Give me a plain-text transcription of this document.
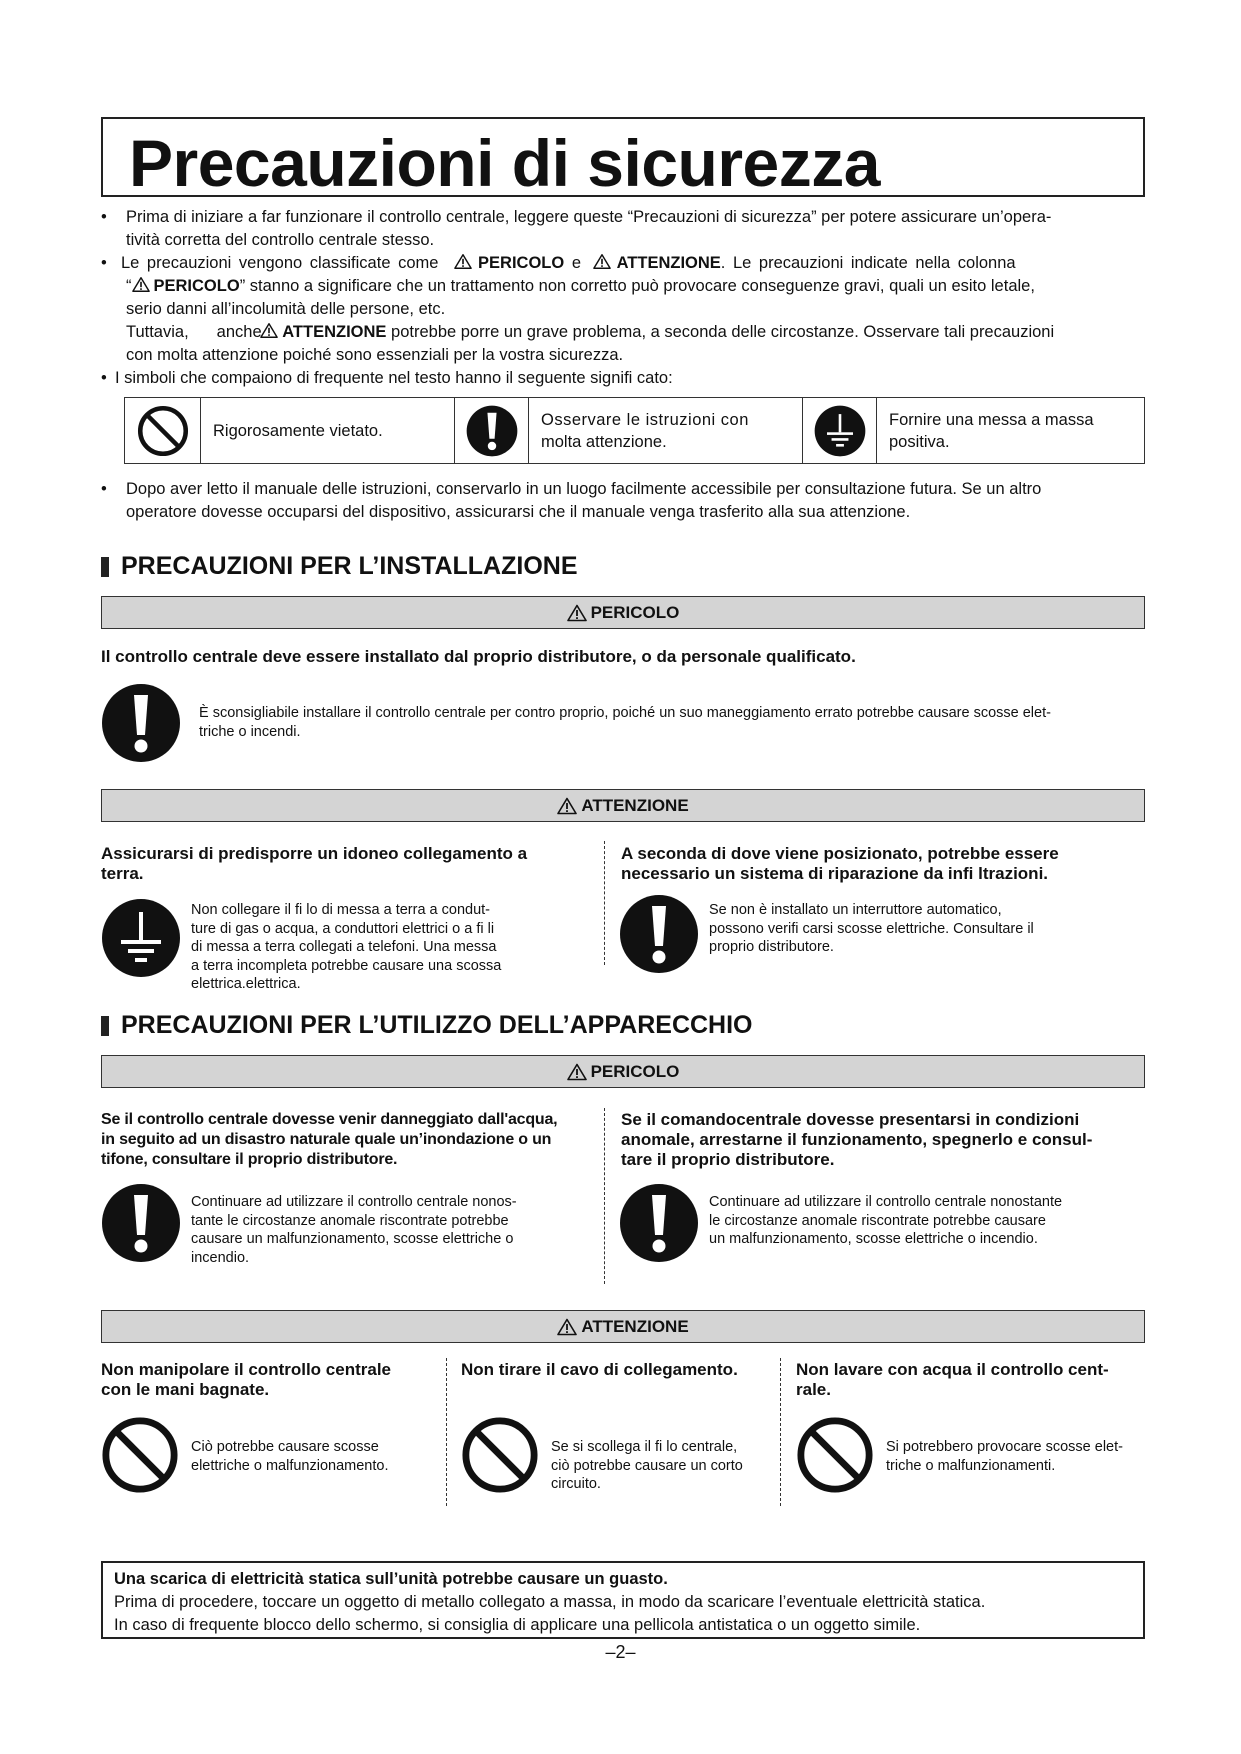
Precauzioni di sicurezza
•	Prima di iniziare a far funzionare il controllo centrale, leggere queste “Precauzioni di sicurezza” per potere assicurare un’opera-
tività corretta del controllo centrale stesso.
• Le precauzioni vengono classificate come PERICOLO e ATTENZIONE. Le precauzioni indicate nella colonna
“ PERICOLO” stanno a significare che un trattamento non corretto può provocare conseguenze gravi, quali un esito letale,
serio danni all’incolumità delle persone, etc.
Tuttavia, anche ATTENZIONE potrebbe porre un grave problema, a seconda delle circostanze. Osservare tali precauzioni
con molta attenzione poiché sono essenziali per la vostra sicurezza.
• I simboli che compaiono di frequente nel testo hanno il seguente signifi cato:
Rigorosamente vietato.
Osservare le istruzioni con
molta attenzione.
Fornire una messa a massa
positiva.
•	Dopo aver letto il manuale delle istruzioni, conservarlo in un luogo facilmente accessibile per consultazione futura. Se un altro
operatore dovesse occuparsi del dispositivo, assicurarsi che il manuale venga trasferito alla sua attenzione.
PRECAUZIONI PER L’INSTALLAZIONE
PERICOLO
Il controllo centrale deve essere installato dal proprio distributore, o da personale qualificato.
È sconsigliabile installare il controllo centrale per contro proprio, poiché un suo maneggiamento errato potrebbe causare scosse elet-
triche o incendi.
ATTENZIONE
Assicurarsi di predisporre un idoneo collegamento a
terra.
Non collegare il fi lo di messa a terra a condut-
ture di gas o acqua, a conduttori elettrici o a fi li
di messa a terra collegati a telefoni. Una messa
a terra incompleta potrebbe causare una scossa
elettrica.elettrica.
A seconda di dove viene posizionato, potrebbe essere
necessario un sistema di riparazione da infi ltrazioni.
Se non è installato un interruttore automatico,
possono verifi carsi scosse elettriche. Consultare il
proprio distributore.
PRECAUZIONI PER L’UTILIZZO DELL’APPARECCHIO
PERICOLO
Se il controllo centrale dovesse venir danneggiato dall'acqua,
in seguito ad un disastro naturale quale un’inondazione o un
tifone, consultare il proprio distributore.
Continuare ad utilizzare il controllo centrale nonos-
tante le circostanze anomale riscontrate potrebbe
causare un malfunzionamento, scosse elettriche o
incendio.
Se il comandocentrale dovesse presentarsi in condizioni
anomale, arrestarne il funzionamento, spegnerlo e consul-
tare il proprio distributore.
Continuare ad utilizzare il controllo centrale nonostante
le circostanze anomale riscontrate potrebbe causare
un malfunzionamento, scosse elettriche o incendio.
ATTENZIONE
Non manipolare il controllo centrale
con le mani bagnate.
Ciò potrebbe causare scosse
elettriche o malfunzionamento.
Non tirare il cavo di collegamento.
Se si scollega il fi lo centrale,
ciò potrebbe causare un corto
circuito.
Non lavare con acqua il controllo cent-
rale.
Si potrebbero provocare scosse elet-
triche o malfunzionamenti.
Una scarica di elettricità statica sull’unità potrebbe causare un guasto.
Prima di procedere, toccare un oggetto di metallo collegato a massa, in modo da scaricare l’eventuale elettricità statica.
In caso di frequente blocco dello schermo, si consiglia di applicare una pellicola antistatica o un oggetto simile.
–2–
